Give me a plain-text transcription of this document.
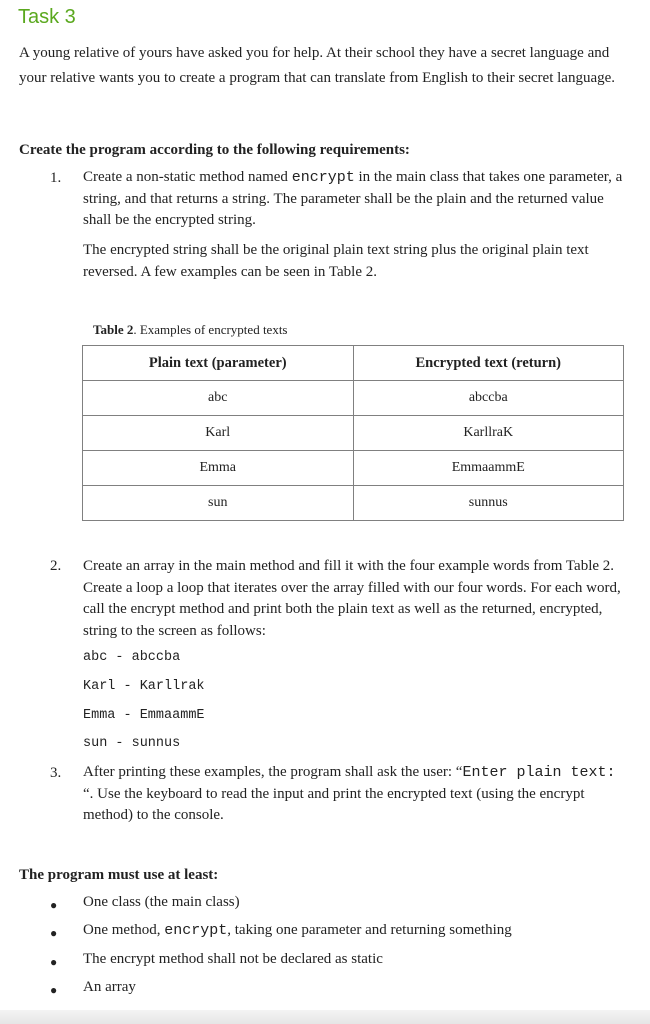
Task 3
A young relative of yours have asked you for help. At their school they have a secret language and your relative wants you to create a program that can translate from English to their secret language.
Create the program according to the following requirements:
1. Create a non-static method named encrypt in the main class that takes one parameter, a string, and that returns a string. The parameter shall be the plain and the returned value shall be the encrypted string.
The encrypted string shall be the original plain text string plus the original plain text reversed. A few examples can be seen in Table 2.
Table 2. Examples of encrypted texts
Plain text (parameter)	Encrypted text (return)
abc	abccba
Karl	KarllraK
Emma	EmmaammE
sun	sunnus
2. Create an array in the main method and fill it with the four example words from Table 2. Create a loop a loop that iterates over the array filled with our four words. For each word, call the encrypt method and print both the plain text as well as the returned, encrypted, string to the screen as follows:
abc - abccba
Karl - Karllrak
Emma - EmmaammE
sun - sunnus
3. After printing these examples, the program shall ask the user: “Enter plain text: “. Use the keyboard to read the input and print the encrypted text (using the encrypt method) to the console.
The program must use at least:
● One class (the main class)
● One method, encrypt, taking one parameter and returning something
● The encrypt method shall not be declared as static
● An array
